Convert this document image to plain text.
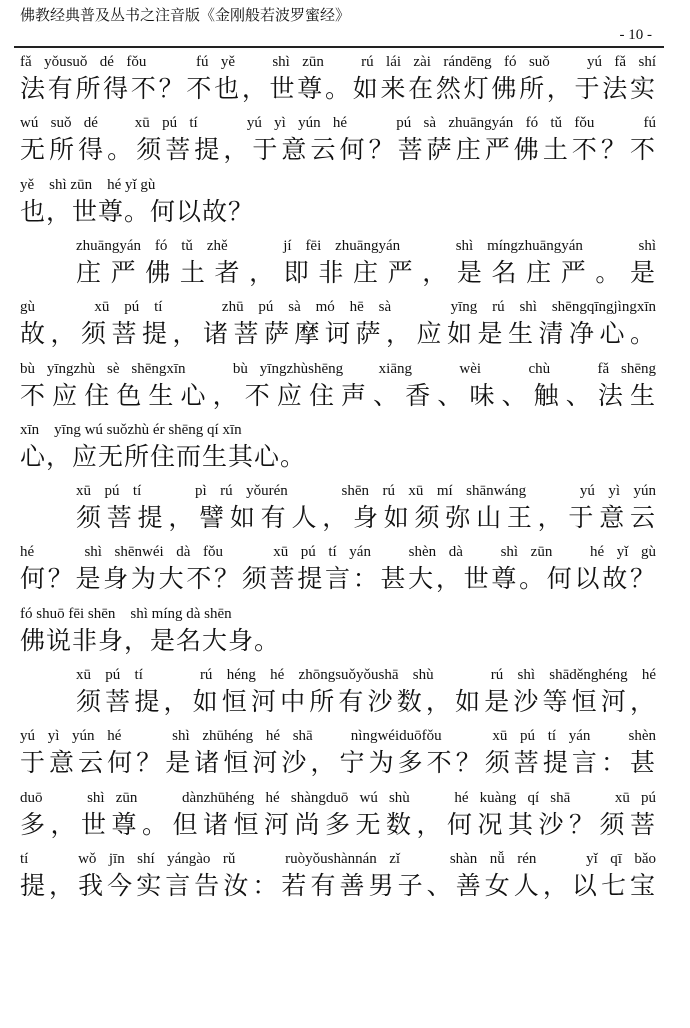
佛教经典普及丛书之注音版《金刚般若波罗蜜经》
- 10 -
fǎ yǒusuǒ dé fǒu    fú yě   shì zūn   rú lái zài rándēng fó suǒ   yú fǎ shí
法有所得不？不也，世尊。如来在然灯佛所，于法实
wú suǒ dé   xū pú tí    yú yì yún hé    pú sà zhuāngyán fó tǔ fǒu    fú
无所得。须菩提，于意云何？菩萨庄严佛土不？不
yě    shì zūn    hé yǐ gù
也，世尊。何以故？
zhuāngyán fó tǔ zhě    jí fēi zhuāngyán    shì míngzhuāngyán    shì
庄严佛土者，即非庄严，是名庄严。是
gù    xū pú tí    zhū pú sà mó hē sà    yīng rú shì shēngqīngjìngxīn
故，须菩提，诸菩萨摩诃萨，应如是生清净心。
bù yīngzhù sè shēngxīn    bù yīngzhùshēng   xiāng    wèi    chù    fǎ shēng
不应住色生心，不应住声、香、味、触、法生
xīn    yīng wú suǒzhù ér shēng qí xīn
心，应无所住而生其心。
xū pú tí    pì rú yǒurén    shēn rú xū mí shānwáng    yú yì yún
须菩提，譬如有人，身如须弥山王，于意云
hé    shì shēnwéi dà fǒu    xū pú tí yán   shèn dà   shì zūn   hé yǐ gù
何？是身为大不？须菩提言：甚大，世尊。何以故？
fó shuō fēi shēn    shì míng dà shēn
佛说非身，是名大身。
xū pú tí    rú héng hé zhōngsuǒyǒushā shù    rú shì shāděnghéng hé
须菩提，如恒河中所有沙数，如是沙等恒河，
yú yì yún hé    shì zhūhéng hé shā   nìngwéiduōfǒu    xū pú tí yán   shèn
于意云何？是诸恒河沙，宁为多不？须菩提言：甚
duō    shì zūn    dànzhūhéng hé shàngduō wú shù    hé kuàng qí shā    xū pú
多，世尊。但诸恒河尚多无数，何况其沙？须菩
tí    wǒ jīn shí yángào rǔ    ruòyǒushànnán zǐ    shàn nǚ rén    yǐ qī bǎo
提，我今实言告汝：若有善男子、善女人，以七宝
